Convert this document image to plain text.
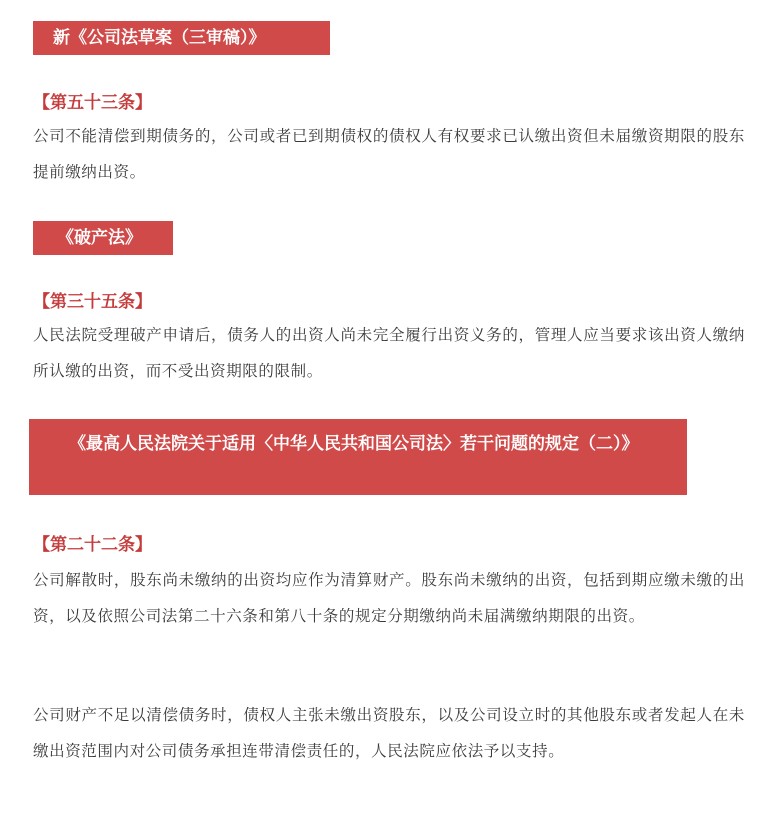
新《公司法草案（三审稿）》
【第五十三条】
公司不能清偿到期债务的，公司或者已到期债权的债权人有权要求已认缴出资但未届缴资期限的股东提前缴纳出资。
《破产法》
【第三十五条】
人民法院受理破产申请后，债务人的出资人尚未完全履行出资义务的，管理人应当要求该出资人缴纳所认缴的出资，而不受出资期限的限制。
《最高人民法院关于适用〈中华人民共和国公司法〉若干问题的规定（二）》
【第二十二条】
公司解散时，股东尚未缴纳的出资均应作为清算财产。股东尚未缴纳的出资，包括到期应缴未缴的出资，以及依照公司法第二十六条和第八十条的规定分期缴纳尚未届满缴纳期限的出资。
公司财产不足以清偿债务时，债权人主张未缴出资股东，以及公司设立时的其他股东或者发起人在未缴出资范围内对公司债务承担连带清偿责任的，人民法院应依法予以支持。
